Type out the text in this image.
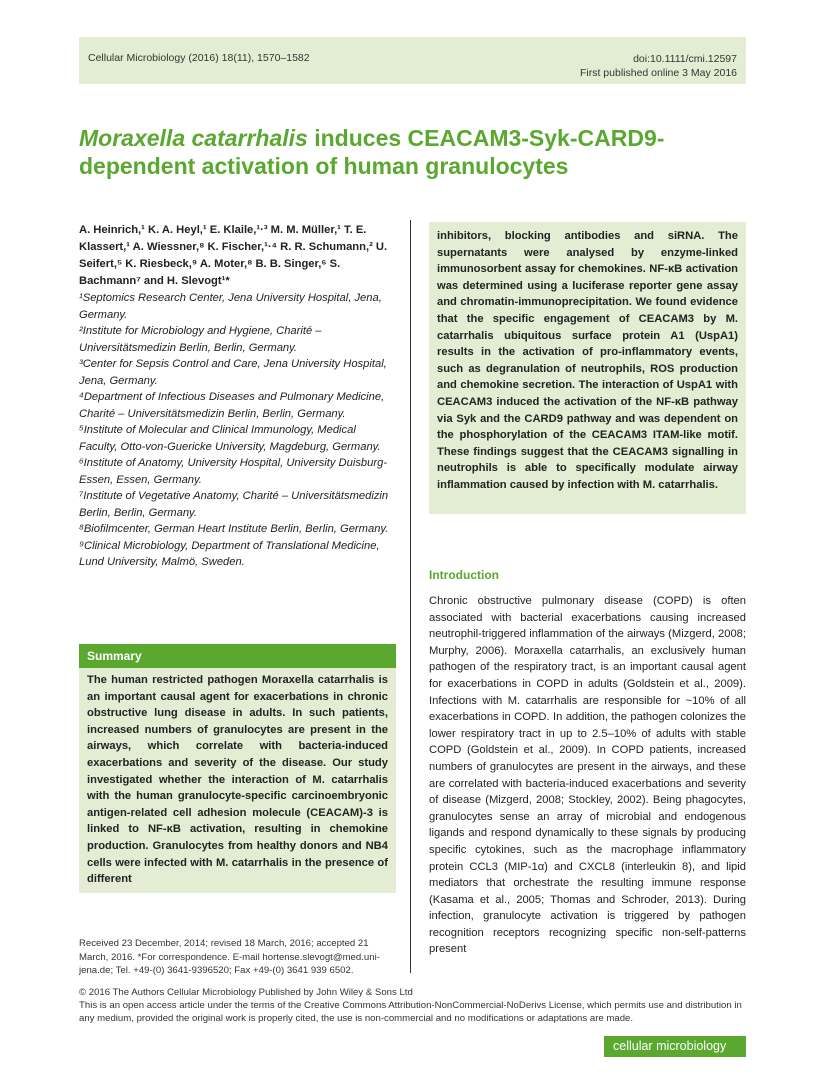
Cellular Microbiology (2016) 18(11), 1570–1582	doi:10.1111/cmi.12597
First published online 3 May 2016
Moraxella catarrhalis induces CEACAM3-Syk-CARD9-dependent activation of human granulocytes
A. Heinrich,¹ K. A. Heyl,¹ E. Klaile,¹·³ M. M. Müller,¹ T. E. Klassert,¹ A. Wiessner,⁸ K. Fischer,¹·⁴ R. R. Schumann,² U. Seifert,⁵ K. Riesbeck,⁹ A. Moter,⁸ B. B. Singer,⁶ S. Bachmann⁷ and H. Slevogt¹*

¹Septomics Research Center, Jena University Hospital, Jena, Germany.

²Institute for Microbiology and Hygiene, Charité – Universitätsmedizin Berlin, Berlin, Germany.

³Center for Sepsis Control and Care, Jena University Hospital, Jena, Germany.

⁴Department of Infectious Diseases and Pulmonary Medicine, Charité – Universitätsmedizin Berlin, Berlin, Germany.

⁵Institute of Molecular and Clinical Immunology, Medical Faculty, Otto-von-Guericke University, Magdeburg, Germany.

⁶Institute of Anatomy, University Hospital, University Duisburg-Essen, Essen, Germany.

⁷Institute of Vegetative Anatomy, Charité – Universitätsmedizin Berlin, Berlin, Germany.

⁸Biofilmcenter, German Heart Institute Berlin, Berlin, Germany.

⁹Clinical Microbiology, Department of Translational Medicine, Lund University, Malmö, Sweden.

inhibitors, blocking antibodies and siRNA. The supernatants were analysed by enzyme-linked immunosorbent assay for chemokines. NF-κB activation was determined using a luciferase reporter gene assay and chromatin-immunoprecipitation. We found evidence that the specific engagement of CEACAM3 by M. catarrhalis ubiquitous surface protein A1 (UspA1) results in the activation of pro-inflammatory events, such as degranulation of neutrophils, ROS production and chemokine secretion. The interaction of UspA1 with CEACAM3 induced the activation of the NF-κB pathway via Syk and the CARD9 pathway and was dependent on the phosphorylation of the CEACAM3 ITAM-like motif. These findings suggest that the CEACAM3 signalling in neutrophils is able to specifically modulate airway inflammation caused by infection with M. catarrhalis.
Summary
The human restricted pathogen Moraxella catarrhalis is an important causal agent for exacerbations in chronic obstructive lung disease in adults. In such patients, increased numbers of granulocytes are present in the airways, which correlate with bacteria-induced exacerbations and severity of the disease. Our study investigated whether the interaction of M. catarrhalis with the human granulocyte-specific carcinoembryonic antigen-related cell adhesion molecule (CEACAM)-3 is linked to NF-κB activation, resulting in chemokine production. Granulocytes from healthy donors and NB4 cells were infected with M. catarrhalis in the presence of different
Received 23 December, 2014; revised 18 March, 2016; accepted 21 March, 2016. *For correspondence. E-mail hortense.slevogt@med.uni-jena.de; Tel. +49-(0) 3641-9396520; Fax +49-(0) 3641 939 6502.
Introduction
Chronic obstructive pulmonary disease (COPD) is often associated with bacterial exacerbations causing increased neutrophil-triggered inflammation of the airways (Mizgerd, 2008; Murphy, 2006). Moraxella catarrhalis, an exclusively human pathogen of the respiratory tract, is an important causal agent for exacerbations in COPD in adults (Goldstein et al., 2009). Infections with M. catarrhalis are responsible for ~10% of all exacerbations in COPD. In addition, the pathogen colonizes the lower respiratory tract in up to 2.5–10% of adults with stable COPD (Goldstein et al., 2009). In COPD patients, increased numbers of granulocytes are present in the airways, and these are correlated with bacteria-induced exacerbations and severity of disease (Mizgerd, 2008; Stockley, 2002). Being phagocytes, granulocytes sense an array of microbial and endogenous ligands and respond dynamically to these signals by producing specific cytokines, such as the macrophage inflammatory protein CCL3 (MIP-1α) and CXCL8 (interleukin 8), and lipid mediators that orchestrate the resulting immune response (Kasama et al., 2005; Thomas and Schroder, 2013). During infection, granulocyte activation is triggered by pathogen recognition receptors recognizing specific non-self-patterns present
© 2016 The Authors Cellular Microbiology Published by John Wiley & Sons Ltd
This is an open access article under the terms of the Creative Commons Attribution-NonCommercial-NoDerivs License, which permits use and distribution in any medium, provided the original work is properly cited, the use is non-commercial and no modifications or adaptations are made.
cellular microbiology
